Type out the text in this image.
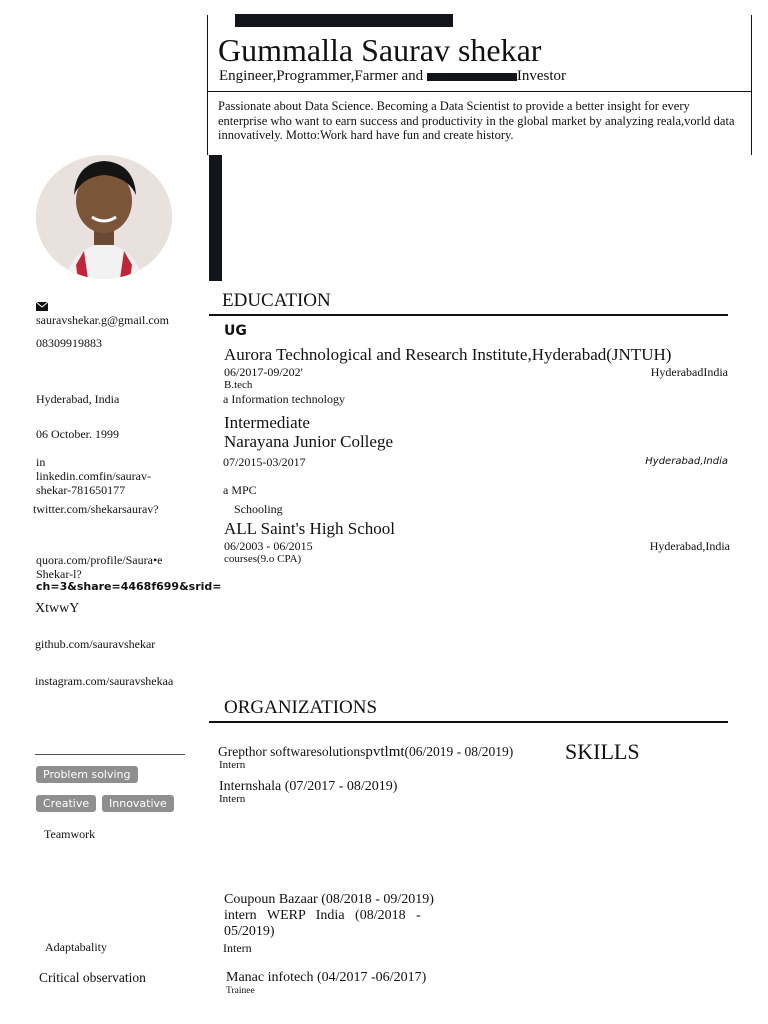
Gummalla Saurav shekar
Engineer,Programmer,Farmer and	Investor
Passionate about Data Science. Becoming a Data Scientist to provide a better insight for every enterprise who want to earn success and productivity in the global market by analyzing reala,vorld data innovatively. Motto:Work hard have fun and create history.
sauravshekar.g@gmail.com
08309919883
Hyderabad, India
06 October. 1999
in
linkedin.comfin/saurav-shekar-781650177
twitter.com/shekarsaurav?
quora.com/profile/Saura•e
Shekar-l?
ch=3&share=4468f699&srid=
XtwwY
github.com/sauravshekar
instagram.com/sauravshekaa
Problem solving
Creative	Innovative
Teamwork
Adaptabality
Critical observation
EDUCATION
UG
Aurora Technological and Research Institute,Hyderabad(JNTUH)
06/2017-09/202'	HyderabadIndia
B.tech
a Information technology
Intermediate
Narayana Junior College
07/2015-03/2017	Hyderabad,India
a MPC
Schooling
ALL Saint's High School
06/2003 - 06/2015	Hyderabad,India
courses(9.o CPA)
ORGANIZATIONS
Grepthor softwaresolutionspvtlmt(06/2019 - 08/2019)
Intern
SKILLS
Internshala (07/2017 - 08/2019)
Intern
Coupoun Bazaar (08/2018 - 09/2019)
intern   WERP   India   (08/2018   -
05/2019)
Intern
Manac infotech (04/2017 -06/2017)
Trainee
